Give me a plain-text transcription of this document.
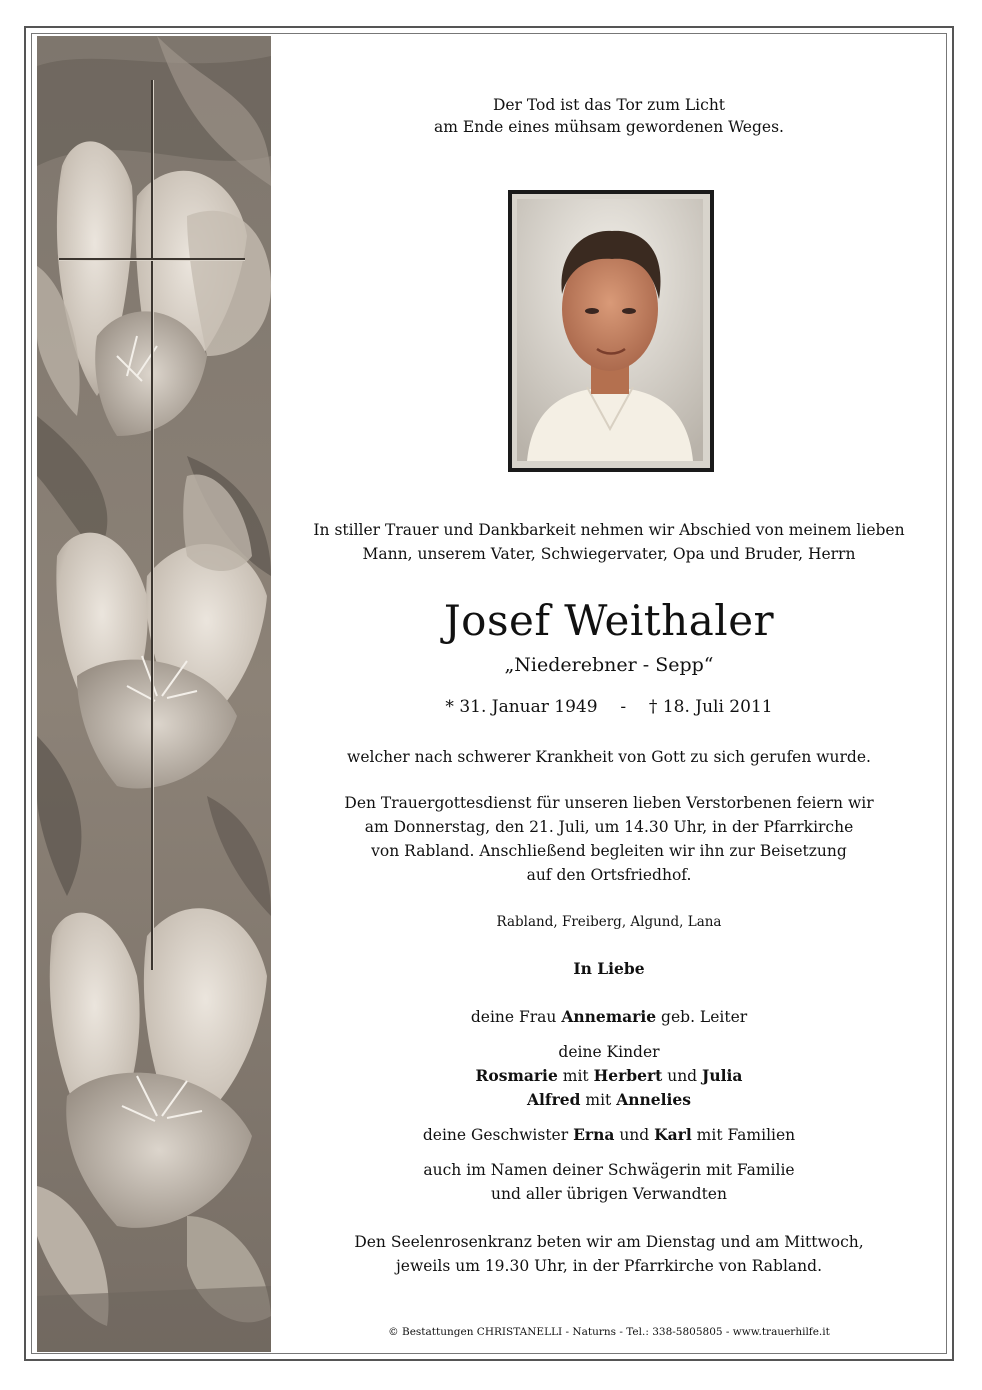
Der Tod ist das Tor zum Licht
am Ende eines mühsam gewordenen Weges.
In stiller Trauer und Dankbarkeit nehmen wir Abschied von meinem lieben
Mann, unserem Vater, Schwiegervater, Opa und Bruder, Herrn
Josef Weithaler
„Niederebner - Sepp“
* 31. Januar 1949 - † 18. Juli 2011
welcher nach schwerer Krankheit von Gott zu sich gerufen wurde.
Den Trauergottesdienst für unseren lieben Verstorbenen feiern wir
am Donnerstag, den 21. Juli, um 14.30 Uhr, in der Pfarrkirche
von Rabland. Anschließend begleiten wir ihn zur Beisetzung
auf den Ortsfriedhof.
Rabland, Freiberg, Algund, Lana
In Liebe
deine Frau Annemarie geb. Leiter
deine Kinder
Rosmarie mit Herbert und Julia
Alfred mit Annelies
deine Geschwister Erna und Karl mit Familien
auch im Namen deiner Schwägerin mit Familie
und aller übrigen Verwandten
Den Seelenrosenkranz beten wir am Dienstag und am Mittwoch,
jeweils um 19.30 Uhr, in der Pfarrkirche von Rabland.
© Bestattungen CHRISTANELLI - Naturns - Tel.: 338-5805805 - www.trauerhilfe.it
